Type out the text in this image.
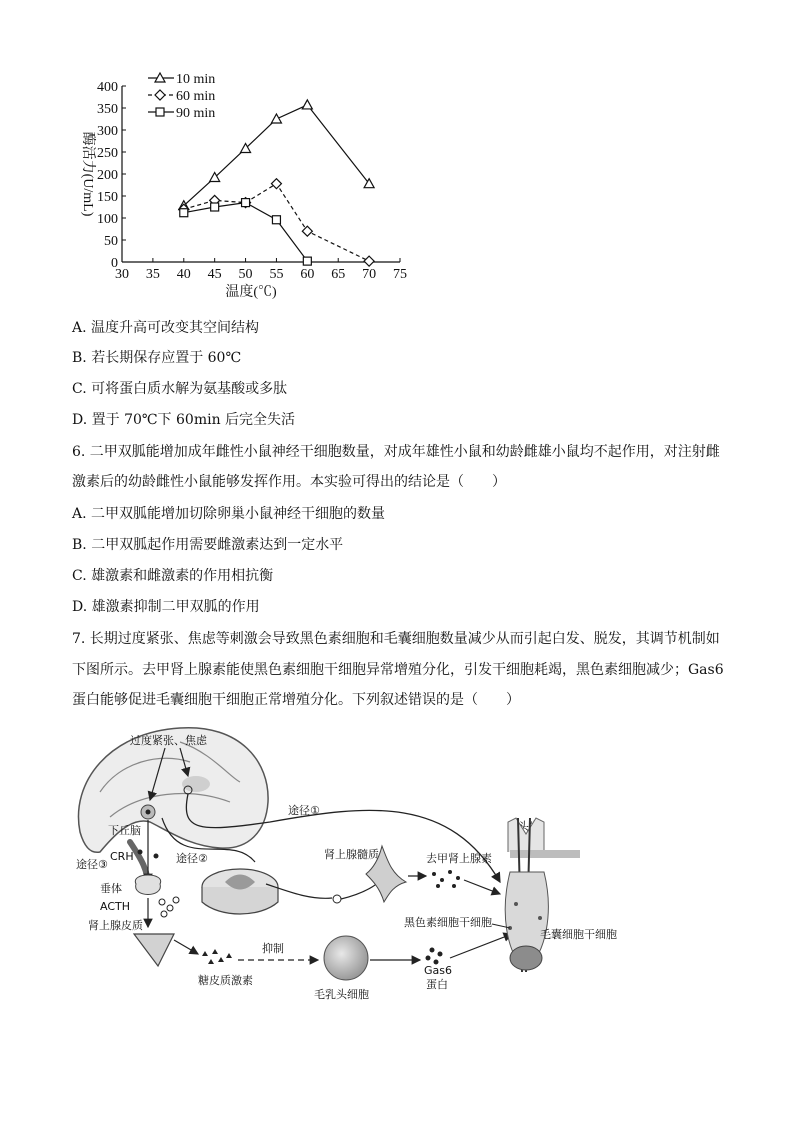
30 35 40 45 50 55 60 65 70 75
0
50
100
150
200
250
300
350
400
温度(℃)
酶活力(U/mL)
10 min
60 min
90 min
A. 温度升高可改变其空间结构
B. 若长期保存应置于 60℃
C. 可将蛋白质水解为氨基酸或多肽
D. 置于 70℃下 60min 后完全失活
6. 二甲双胍能增加成年雌性小鼠神经干细胞数量，对成年雄性小鼠和幼龄雌雄小鼠均不起作用，对注射雌
激素后的幼龄雌性小鼠能够发挥作用。本实验可得出的结论是（　　）
A. 二甲双胍能增加切除卵巢小鼠神经干细胞的数量
B. 二甲双胍起作用需要雌激素达到一定水平
C. 雄激素和雌激素的作用相抗衡
D. 雄激素抑制二甲双胍的作用
7. 长期过度紧张、焦虑等刺激会导致黑色素细胞和毛囊细胞数量减少从而引起白发、脱发，其调节机制如
下图所示。去甲肾上腺素能使黑色素细胞干细胞异常增殖分化，引发干细胞耗竭，黑色素细胞减少；Gas6
蛋白能够促进毛囊细胞干细胞正常增殖分化。下列叙述错误的是（　　）
过度紧张、焦虑
途径①
下丘脑
CRH	途径②
途径③
垂体
ACTH
肾上腺皮质
糖皮质激素
抑制
毛乳头细胞
Gas6
蛋白
肾上腺髓质	去甲肾上腺素
黑色素细胞干细胞
毛囊细胞干细胞
